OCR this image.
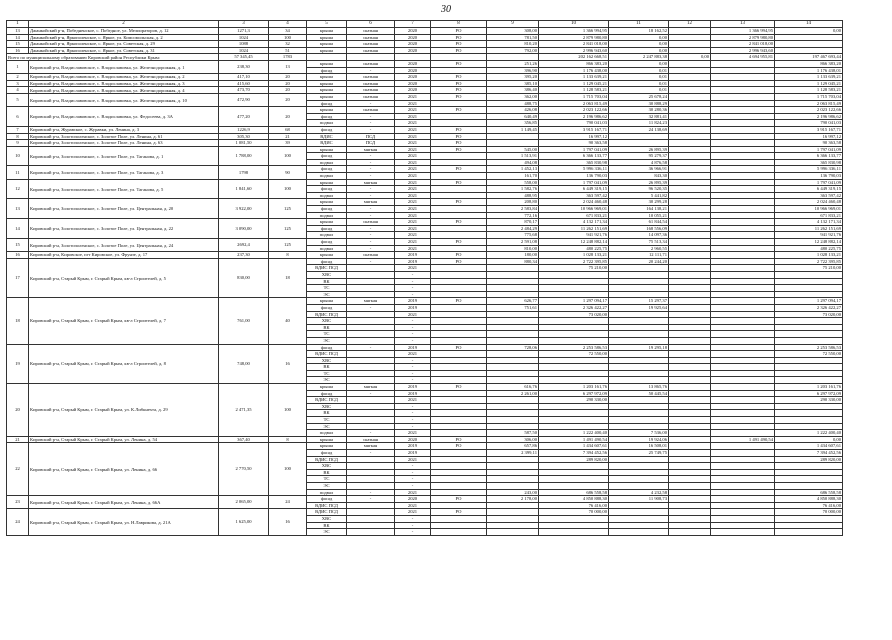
30
1	2	3	4	5	6	7	8	9	10	11	12	13	14
13	Джанкойский р-н, Победненское, с. Победное, ул. Мелиораторов, д. 12	1271,3	34	крыша	скатная	2020	РО	308,00	1 366 994,95	18 162,52		1 366 994,95	0,00
14	Джанкойский р-н, Яркополенское, с. Яркое, ул. Комсомольская, д. 2	1024	100	крыша	скатная	2020	РО	781,50	2 879 980,80	0,00		2 879 980,80	
15	Джанкойский р-н, Яркополенское, с. Яркое, ул. Советская, д. 29	1088	32	крыша	скатная	2020	РО	810,20	2 841 018,00	0,00		2 841 018,00	
16	Джанкойский р-н, Яркополенское, с. Яркое, ул. Советская, д. 31	1024	51	крыша	скатная	2020	РО	792,00	2 996 943,60	0,00		2 996 943,60	
Всего по муниципальному образованию Кировский район Республики Крым:		57 345,45	1783						202 162 668,51	2 247 883,38	0,00	4 694 955,81	197 467 693,44
1	Кировский р-н, Владиславовское, с. Владиславовка, ул. Железнодорожная, д. 1	238,30	13	крыша	скатная	2020	РО	251,26	866 383,20	0,00			866 383,20
				фасад	-	2020		396,90	1 176 438,00	0,01			1 176 438,01
2	Кировский р-н, Владиславовское, с. Владиславовка, ул. Железнодорожная, д. 2	417,10	20	крыша	скатная	2020	РО	395,20	1 133 639,21	0,01			1 133 639,21
3	Кировский р-н, Владиславовское, с. Владиславовка, ул. Железнодорожная, д. 3	415,60	20	крыша	скатная	2020	РО	385,10	1 129 045,21	0,01			1 129 045,21
4	Кировский р-н, Владиславовское, с. Владиславовка, ул. Железнодорожная, д. 4	473,70	20	крыша	скатная	2020	РО	386,40	1 128 583,21	0,01			1 128 583,21
5	Кировский р-н, Владиславовское, с. Владиславовка, ул. Железнодорожная, д. 10	472,90	20	крыша	скатная	2021	РО	362,00	1 715 703,04	25 678,24			1 715 703,04
				фасад	-	2021		488,75	2 063 815,49	30 888,29			2 063 815,49
6	Кировский р-н, Владиславовское, с. Владиславовка, ул. Федосеева, д. 3А	477,20	20	крыша	скатная	2021	РО	426,08	2 023 122,66	30 280,36			2 023 122,66
				фасад	-	2021		640,49	2 196 986,62	32 881,41			2 196 986,62
				подвал	-	2021		356,85	790 041,03	11 824,23			790 041,03
7	Кировский р-н, Журавское, с. Журавки, ул. Ленина, д. 3	1226,9	68	фасад	-	2021	РО	1 149,45	3 915 167,71	24 138,69			3 915 167,71
8	Кировский р-н, Золотополенское, с. Золотое Поле, ул. Ленина, д. 61	305,30	21	ВДИС	ПСД	2021	РО		16 997,12				16 997,12
9	Кировский р-н, Золотополенское, с. Золотое Поле, ул. Ленина, д. 63	1 081,50	39	ВДИС	ПСД	2021	РО		90 363,58				90 363,58
10	Кировский р-н, Золотополенское, с. Золотое Поле, ул. Таганова, д. 1	1 788,00	100	крыша	мягкая	2021	РО	545,00	1 797 041,09	26 895,39			1 797 041,09
				фасад	-	2021		1 513,91	6 366 133,77	95 279,37			6 366 133,77
				подвал	-	2021		494,08	365 830,98	4 876,58			365 830,98
11	Кировский р-н, Золотополенское, с. Золотое Поле, ул. Таганова, д. 3	1798	90	фасад	-	2021	РО	1 452,13	5 996 336,11	36 966,91			5 996 336,11
				подвал	-	2021		161,70	136 790,03	843,30			136 790,03
12	Кировский р-н, Золотополенское, с. Золотое Поле, ул. Таганова, д. 5	1 841,60	100	крыша	мягкая	2021	РО	558,00	1 797 041,09	26 895,39			1 797 041,09
				фасад	-	2021		1 582,76	6 449 319,15	96 520,35			6 449 319,15
				подвал	-	2021		488,95	363 597,42	5 441,82			363 597,42
13	Кировский р-н, Золотополенское, с. Золотое Поле, ул. Центральная, д. 20	3 922,00	125	крыша	мягкая	2021	РО	208,80	2 024 460,48	30 299,28			2 024 460,48
				фасад	-	2021		2 583,84	10 966 969,01	164 138,21			10 966 969,01
				подвал	-	2021		772,16	671 833,21	10 055,21			671 833,21
14	Кировский р-н, Золотополенское, с. Золотое Поле, ул. Центральная, д. 22	3 090,00	125	крыша	скатная	2021	РО	870,17	4 132 171,34	61 844,54			4 132 171,34
				фасад	-	2021		2 484,29	11 262 151,69	168 556,09			11 262 151,69
				подвал	-	2021		775,68	941 921,76	14 097,36			941 921,76
15	Кировский р-н, Золотополенское, с. Золотое Поле, ул. Центральная, д. 24	2692,4	125	фасад	-	2021	РО	2 591,08	12 248 882,14	75 513,34			12 248 882,14
				подвал	-	2021		810,00	480 225,75	2 960,55			480 225,75
16	Кировский р-н, Кировское, пгт Кировское, ул. Фрунзе, д. 17	237,30	8	крыша	скатная	2019	РО	180,00	1 028 133,21	12 111,71			1 028 133,21
17	Кировский р-н, Старый Крым, г. Старый Крым, кв-л Строителей, д. 5	830,00	18	фасад	-	2019	РО	880,34	2 722 395,85	20 244,20			2 722 395,85
				ВДИС ПСД		2021			75 210,00				75 210,00
				ХВС		-							
				ВК		-							
				ТС		-							
				ЭС		-							
18	Кировский р-н, Старый Крым, г. Старый Крым, кв-л Строителей, д. 7	761,00	40	крыша	мягкая	2019	РО	626,77	1 297 094,17	15 297,37			1 297 094,17
				фасад	-	2019		751,61	2 326 422,27	19 925,64			2 326 422,27
				ВДИС ПСД		2021			73 020,00				73 020,00
				ХВС		-							
				ВК		-							
				ТС		-							
				ЭС		-							
19	Кировский р-н, Старый Крым, г. Старый Крым, кв-л Строителей, д. 8	748,00	16	фасад	-	2019	РО	728,06	2 253 586,53	19 295,18			2 253 586,53
				ВДИС ПСД		2021			72 550,00				72 550,00
				ХВС		-							
				ВК		-							
				ТС		-							
				ЭС		-							
20	Кировский р-н, Старый Крым, г. Старый Крым, ул. К.Либкнехта, д. 29	2 471,35	100	крыша	мягкая	2019	РО	616,76	1 203 161,76	13 865,76			1 203 161,76
				фасад	-	2019		2 261,00	6 297 972,09	50 445,54			6 297 972,09
				ВДИС ПСД		2021			290 330,00				290 330,00
				ХВС		-							
				ВК		-							
				ТС		-							
				ЭС		-							
				подвал	-	2021		587,50	1 222 400,40	7 536,00			1 222 400,40
21	Кировский р-н, Старый Крым, г. Старый Крым, ул. Ленина, д. 54	367,40	8	крыша	скатная	2020	РО	306,00	1 491 490,54	19 924,06		1 491 490,54	0,00
22	Кировский р-н, Старый Крым, г. Старый Крым, ул. Ленина, д. 66	2 770,50	100	крыша	мягкая	2019	РО	657,86	1 434 607,61	16 508,01			1 434 607,61
				фасад	-	2019		2 399,11	7 394 452,56	25 749,75			7 394 452,56
				ВДИС ПСД		2021			289 820,00				289 820,00
				ХВС		-							
				ВК		-							
				ТС		-							
				ЭС		-							
				подвал	-	2021		243,00	686 558,58	4 232,58			686 558,58
23	Кировский р-н, Старый Крым, г. Старый Крым, ул. Ленина, д. 66А	2 065,00	24	фасад	-	2020	РО	2 178,00	4 850 888,30	11 908,73			4 850 888,30
				ВДИС ПСД		2021			76 416,00				76 416,00
24	Кировский р-н, Старый Крым, г. Старый Крым, ул. Н.Лаврикова, д. 21А	1 625,00	16	ВДИС ПСД		2021	РО		70 000,00				70 000,00
				ХВС		-							
				ВК		-							
				ЭС		-							
